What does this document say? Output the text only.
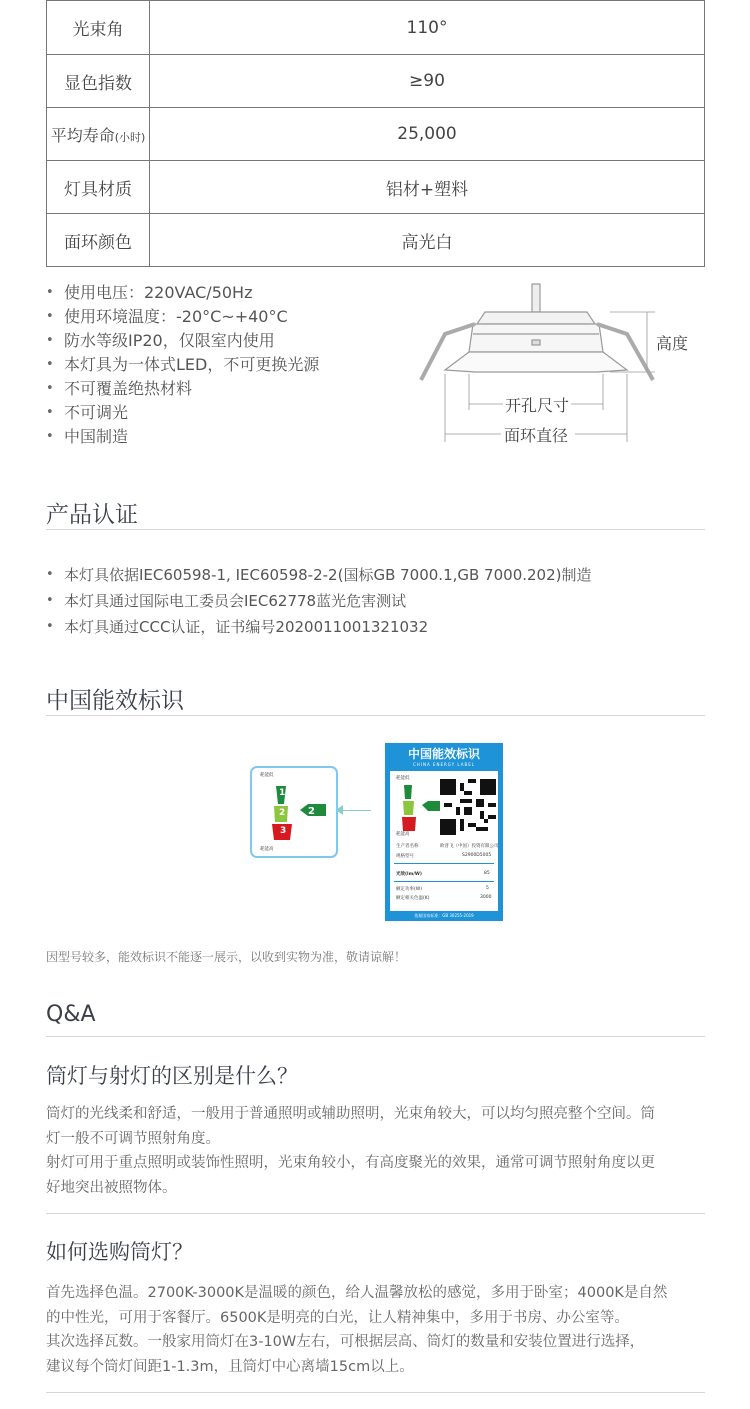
光束角	110°
显色指数	≥90
平均寿命(小时)	25,000
灯具材质	铝材+塑料
面环颜色	高光白
• 使用电压：220VAC/50Hz
• 使用环境温度：-20°C~+40°C
• 防水等级IP20，仅限室内使用
• 本灯具为一体式LED，不可更换光源
• 不可覆盖绝热材料
• 不可调光
• 中国制造
高度
开孔尺寸
面环直径
产品认证
• 本灯具依据IEC60598-1, IEC60598-2-2(国标GB 7000.1,GB 7000.202)制造
• 本灯具通过国际电工委员会IEC62778蓝光危害测试
• 本灯具通过CCC认证，证书编号2020011001321032
中国能效标识
耗能低
1
2
3
2
耗能高
中国能效标识
CHINA ENERGY LABEL
耗能低
耗能高
生产者名称	欧普飞（中国）投资有限公司
规格型号	S2900D5005
光效(lm/W)	85
额定功率(W)	5
额定相关色温(K)	3000
依据国家标准：GB 30255-2019
因型号较多，能效标识不能逐一展示，以收到实物为准，敬请谅解！
Q&A
筒灯与射灯的区别是什么？

筒灯的光线柔和舒适，一般用于普通照明或辅助照明，光束角较大，可以均匀照亮整个空间。筒

灯一般不可调节照射角度。

射灯可用于重点照明或装饰性照明，光束角较小，有高度聚光的效果，通常可调节照射角度以更

好地突出被照物体。

如何选购筒灯？

首先选择色温。2700K-3000K是温暖的颜色，给人温馨放松的感觉，多用于卧室；4000K是自然

的中性光，可用于客餐厅。6500K是明亮的白光，让人精神集中，多用于书房、办公室等。

其次选择瓦数。一般家用筒灯在3-10W左右，可根据层高、筒灯的数量和安装位置进行选择，

建议每个筒灯间距1-1.3m，且筒灯中心离墙15cm以上。
